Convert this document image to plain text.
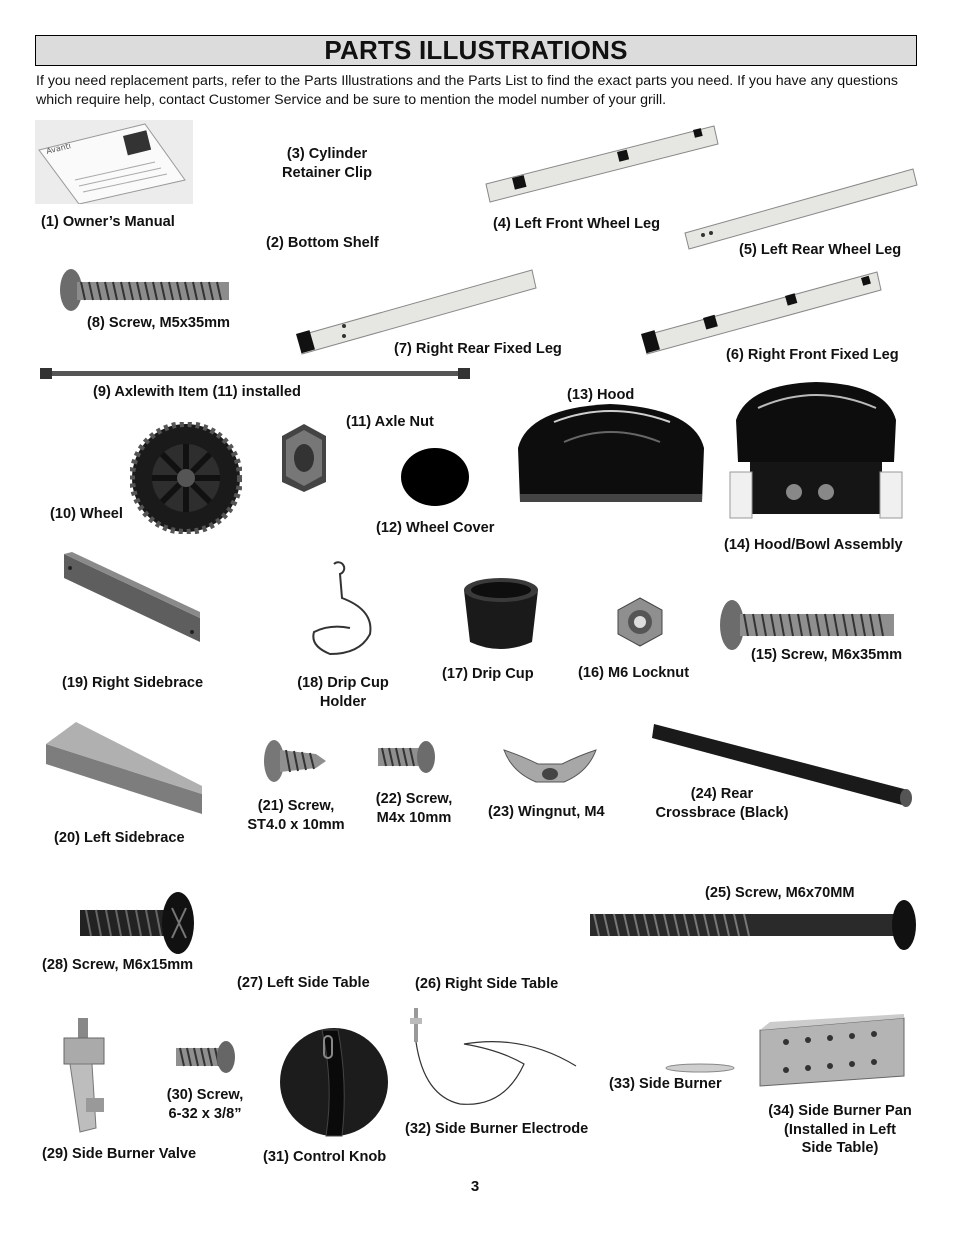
PARTS ILLUSTRATIONS
If you need replacement parts, refer to the Parts Illustrations and the Parts List to find the exact parts you need. If you have any questions which require help, contact Customer Service and be sure to mention the model number of your grill.
Avanti
(1) Owner’s Manual
(3) Cylinder
Retainer Clip
(2) Bottom Shelf
(4) Left Front Wheel Leg
(5) Left Rear Wheel Leg
(8) Screw, M5x35mm
(7) Right Rear Fixed Leg	(6) Right Front Fixed Leg
(9) Axlewith Item (11) installed
(11) Axle Nut
(13) Hood
(10) Wheel
(12) Wheel Cover
(14) Hood/Bowl Assembly
(15) Screw, M6x35mm
(16) M6 Locknut
(17) Drip Cup
(18) Drip Cup
Holder
(19) Right Sidebrace
(24) Rear
Crossbrace (Black)
(22) Screw,
M4x 10mm
(21) Screw,
ST4.0 x 10mm
(23) Wingnut, M4
(20) Left Sidebrace
(25) Screw, M6x70MM
(28) Screw, M6x15mm
(27) Left Side Table	(26) Right Side Table
(33) Side Burner
(30) Screw,
6-32 x 3/8”	(34) Side Burner Pan
(Installed in Left
Side Table)
(32) Side Burner Electrode
(29) Side Burner Valve	(31) Control Knob
3
